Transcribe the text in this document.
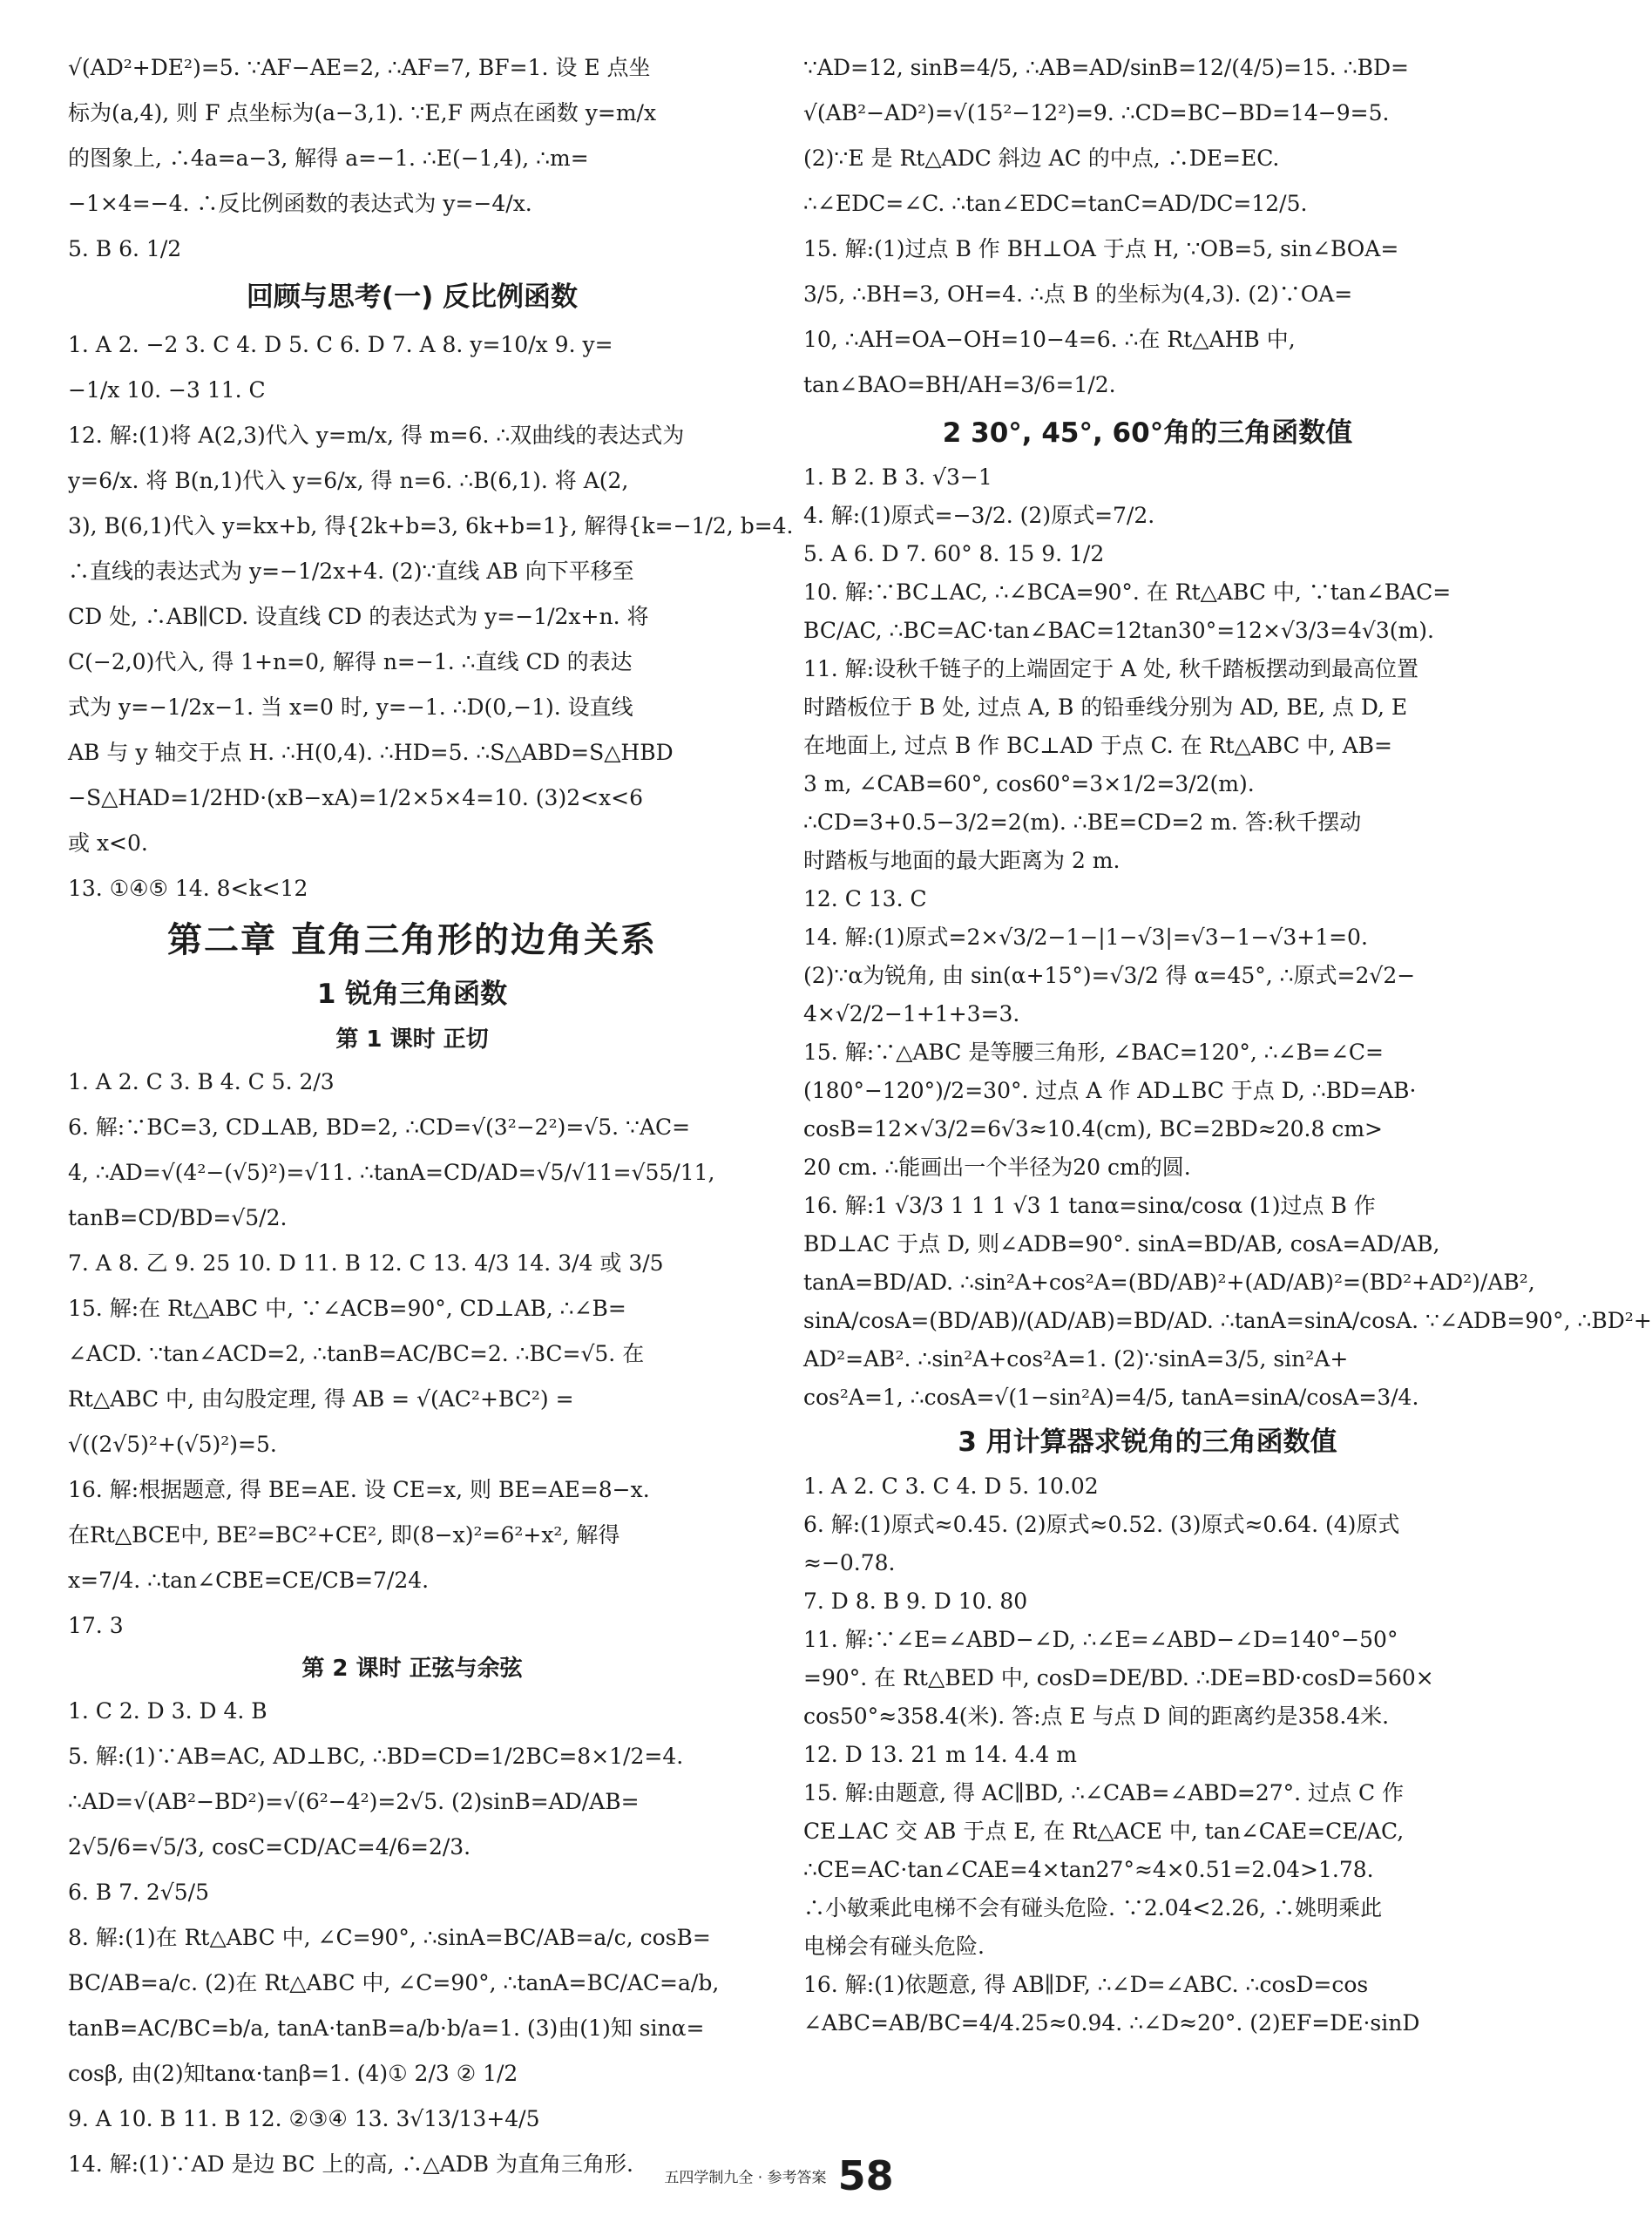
√(AD²+DE²)=5. ∵AF−AE=2, ∴AF=7, BF=1. 设 E 点坐
标为(a,4), 则 F 点坐标为(a−3,1). ∵E,F 两点在函数 y=m/x
的图象上, ∴4a=a−3, 解得 a=−1. ∴E(−1,4), ∴m=
−1×4=−4. ∴反比例函数的表达式为 y=−4/x.
5. B 6. 1/2
回顾与思考(一) 反比例函数
1. A 2. −2 3. C 4. D 5. C 6. D 7. A 8. y=10/x 9. y=
−1/x 10. −3 11. C
12. 解:(1)将 A(2,3)代入 y=m/x, 得 m=6. ∴双曲线的表达式为
y=6/x. 将 B(n,1)代入 y=6/x, 得 n=6. ∴B(6,1). 将 A(2,
3), B(6,1)代入 y=kx+b, 得{2k+b=3, 6k+b=1}, 解得{k=−1/2, b=4.
∴直线的表达式为 y=−1/2x+4. (2)∵直线 AB 向下平移至
CD 处, ∴AB∥CD. 设直线 CD 的表达式为 y=−1/2x+n. 将
C(−2,0)代入, 得 1+n=0, 解得 n=−1. ∴直线 CD 的表达
式为 y=−1/2x−1. 当 x=0 时, y=−1. ∴D(0,−1). 设直线
AB 与 y 轴交于点 H. ∴H(0,4). ∴HD=5. ∴S△ABD=S△HBD
−S△HAD=1/2HD·(xB−xA)=1/2×5×4=10. (3)2<x<6
或 x<0.
13. ①④⑤ 14. 8<k<12
第二章 直角三角形的边角关系
1 锐角三角函数
第 1 课时 正切
1. A 2. C 3. B 4. C 5. 2/3
6. 解:∵BC=3, CD⊥AB, BD=2, ∴CD=√(3²−2²)=√5. ∵AC=
4, ∴AD=√(4²−(√5)²)=√11. ∴tanA=CD/AD=√5/√11=√55/11,
tanB=CD/BD=√5/2.
7. A 8. 乙 9. 25 10. D 11. B 12. C 13. 4/3 14. 3/4 或 3/5
15. 解:在 Rt△ABC 中, ∵∠ACB=90°, CD⊥AB, ∴∠B=
∠ACD. ∵tan∠ACD=2, ∴tanB=AC/BC=2. ∴BC=√5. 在
Rt△ABC 中, 由勾股定理, 得 AB = √(AC²+BC²) =
√((2√5)²+(√5)²)=5.
16. 解:根据题意, 得 BE=AE. 设 CE=x, 则 BE=AE=8−x.
在Rt△BCE中, BE²=BC²+CE², 即(8−x)²=6²+x², 解得
x=7/4. ∴tan∠CBE=CE/CB=7/24.
17. 3
第 2 课时 正弦与余弦
1. C 2. D 3. D 4. B
5. 解:(1)∵AB=AC, AD⊥BC, ∴BD=CD=1/2BC=8×1/2=4.
∴AD=√(AB²−BD²)=√(6²−4²)=2√5. (2)sinB=AD/AB=
2√5/6=√5/3, cosC=CD/AC=4/6=2/3.
6. B 7. 2√5/5
8. 解:(1)在 Rt△ABC 中, ∠C=90°, ∴sinA=BC/AB=a/c, cosB=
BC/AB=a/c. (2)在 Rt△ABC 中, ∠C=90°, ∴tanA=BC/AC=a/b,
tanB=AC/BC=b/a, tanA·tanB=a/b·b/a=1. (3)由(1)知 sinα=
cosβ, 由(2)知tanα·tanβ=1. (4)① 2/3 ② 1/2
9. A 10. B 11. B 12. ②③④ 13. 3√13/13+4/5
14. 解:(1)∵AD 是边 BC 上的高, ∴△ADB 为直角三角形.
∵AD=12, sinB=4/5, ∴AB=AD/sinB=12/(4/5)=15. ∴BD=
√(AB²−AD²)=√(15²−12²)=9. ∴CD=BC−BD=14−9=5.
(2)∵E 是 Rt△ADC 斜边 AC 的中点, ∴DE=EC.
∴∠EDC=∠C. ∴tan∠EDC=tanC=AD/DC=12/5.
15. 解:(1)过点 B 作 BH⊥OA 于点 H, ∵OB=5, sin∠BOA=
3/5, ∴BH=3, OH=4. ∴点 B 的坐标为(4,3). (2)∵OA=
10, ∴AH=OA−OH=10−4=6. ∴在 Rt△AHB 中,
tan∠BAO=BH/AH=3/6=1/2.
2 30°, 45°, 60°角的三角函数值
1. B 2. B 3. √3−1
4. 解:(1)原式=−3/2. (2)原式=7/2.
5. A 6. D 7. 60° 8. 15 9. 1/2
10. 解:∵BC⊥AC, ∴∠BCA=90°. 在 Rt△ABC 中, ∵tan∠BAC=
BC/AC, ∴BC=AC·tan∠BAC=12tan30°=12×√3/3=4√3(m).
11. 解:设秋千链子的上端固定于 A 处, 秋千踏板摆动到最高位置
时踏板位于 B 处, 过点 A, B 的铅垂线分别为 AD, BE, 点 D, E
在地面上, 过点 B 作 BC⊥AD 于点 C. 在 Rt△ABC 中, AB=
3 m, ∠CAB=60°, cos60°=3×1/2=3/2(m).
∴CD=3+0.5−3/2=2(m). ∴BE=CD=2 m. 答:秋千摆动
时踏板与地面的最大距离为 2 m.
12. C 13. C
14. 解:(1)原式=2×√3/2−1−|1−√3|=√3−1−√3+1=0.
(2)∵α为锐角, 由 sin(α+15°)=√3/2 得 α=45°, ∴原式=2√2−
4×√2/2−1+1+3=3.
15. 解:∵△ABC 是等腰三角形, ∠BAC=120°, ∴∠B=∠C=
(180°−120°)/2=30°. 过点 A 作 AD⊥BC 于点 D, ∴BD=AB·
cosB=12×√3/2=6√3≈10.4(cm), BC=2BD≈20.8 cm>
20 cm. ∴能画出一个半径为20 cm的圆.
16. 解:1 √3/3 1 1 1 √3 1 tanα=sinα/cosα (1)过点 B 作
BD⊥AC 于点 D, 则∠ADB=90°. sinA=BD/AB, cosA=AD/AB,
tanA=BD/AD. ∴sin²A+cos²A=(BD/AB)²+(AD/AB)²=(BD²+AD²)/AB²,
sinA/cosA=(BD/AB)/(AD/AB)=BD/AD. ∴tanA=sinA/cosA. ∵∠ADB=90°, ∴BD²+
AD²=AB². ∴sin²A+cos²A=1. (2)∵sinA=3/5, sin²A+
cos²A=1, ∴cosA=√(1−sin²A)=4/5, tanA=sinA/cosA=3/4.
3 用计算器求锐角的三角函数值
1. A 2. C 3. C 4. D 5. 10.02
6. 解:(1)原式≈0.45. (2)原式≈0.52. (3)原式≈0.64. (4)原式
≈−0.78.
7. D 8. B 9. D 10. 80
11. 解:∵∠E=∠ABD−∠D, ∴∠E=∠ABD−∠D=140°−50°
=90°. 在 Rt△BED 中, cosD=DE/BD. ∴DE=BD·cosD=560×
cos50°≈358.4(米). 答:点 E 与点 D 间的距离约是358.4米.
12. D 13. 21 m 14. 4.4 m
15. 解:由题意, 得 AC∥BD, ∴∠CAB=∠ABD=27°. 过点 C 作
CE⊥AC 交 AB 于点 E, 在 Rt△ACE 中, tan∠CAE=CE/AC,
∴CE=AC·tan∠CAE=4×tan27°≈4×0.51=2.04>1.78.
∴小敏乘此电梯不会有碰头危险. ∵2.04<2.26, ∴姚明乘此
电梯会有碰头危险.
16. 解:(1)依题意, 得 AB∥DF, ∴∠D=∠ABC. ∴cosD=cos
∠ABC=AB/BC=4/4.25≈0.94. ∴∠D≈20°. (2)EF=DE·sinD
五四学制九全 · 参考答案 58
